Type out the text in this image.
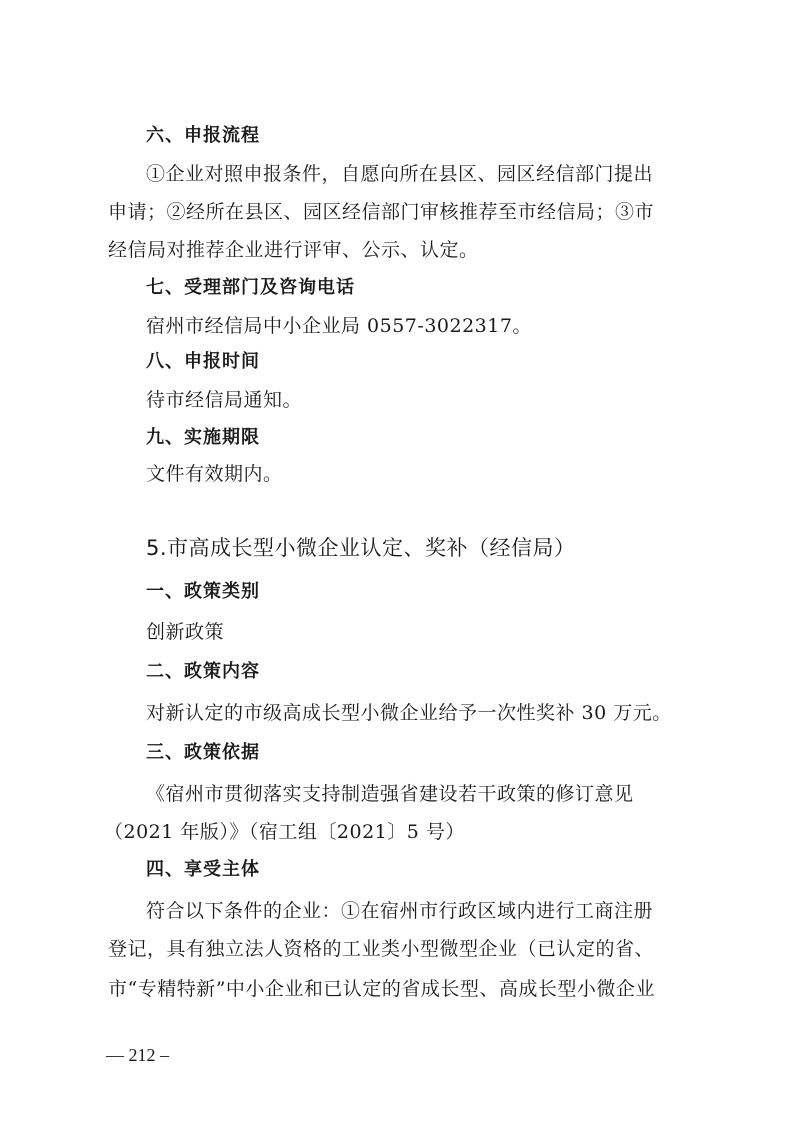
六、申报流程
①企业对照申报条件，自愿向所在县区、园区经信部门提出
申请；②经所在县区、园区经信部门审核推荐至市经信局；③市
经信局对推荐企业进行评审、公示、认定。
七、受理部门及咨询电话
宿州市经信局中小企业局 0557-3022317。
八、申报时间
待市经信局通知。
九、实施期限
文件有效期内。
5.市高成长型小微企业认定、奖补（经信局）
一、政策类别
创新政策
二、政策内容
对新认定的市级高成长型小微企业给予一次性奖补 30 万元。
三、政策依据
《宿州市贯彻落实支持制造强省建设若干政策的修订意见
（2021 年版）》（宿工组〔2021〕5 号）
四、享受主体
符合以下条件的企业：①在宿州市行政区域内进行工商注册
登记，具有独立法人资格的工业类小型微型企业（已认定的省、
市“专精特新”中小企业和已认定的省成长型、高成长型小微企业
— 212 –
